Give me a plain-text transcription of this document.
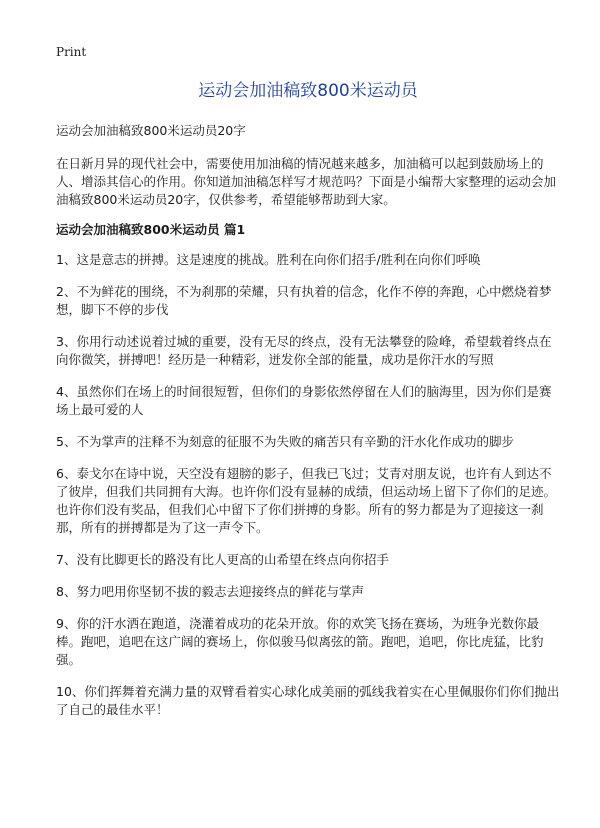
Print
运动会加油稿致800米运动员

运动会加油稿致800米运动员20字

在日新月异的现代社会中，需要使用加油稿的情况越来越多，加油稿可以起到鼓励场上的人、增添其信心的作用。你知道加油稿怎样写才规范吗？下面是小编帮大家整理的运动会加油稿致800米运动员20字，仅供参考，希望能够帮助到大家。

运动会加油稿致800米运动员 篇1

1、这是意志的拼搏。这是速度的挑战。胜利在向你们招手/胜利在向你们呼唤

2、不为鲜花的围绕，不为刹那的荣耀，只有执着的信念，化作不停的奔跑，心中燃烧着梦想，脚下不停的步伐

3、你用行动述说着过城的重要，没有无尽的终点，没有无法攀登的险峰，希望载着终点在向你微笑，拼搏吧！经历是一种精彩，迸发你全部的能量，成功是你汗水的写照

4、虽然你们在场上的时间很短暂，但你们的身影依然停留在人们的脑海里，因为你们是赛场上最可爱的人

5、不为掌声的注释不为刻意的征服不为失败的痛苦只有辛勤的汗水化作成功的脚步

6、泰戈尔在诗中说，天空没有翅膀的影子，但我已飞过；艾青对朋友说，也许有人到达不了彼岸，但我们共同拥有大海。也许你们没有显赫的成绩，但运动场上留下了你们的足迹。也许你们没有奖品，但我们心中留下了你们拼搏的身影。所有的努力都是为了迎接这一刹那，所有的拼搏都是为了这一声令下。

7、没有比脚更长的路没有比人更高的山希望在终点向你招手

8、努力吧用你坚韧不拔的毅志去迎接终点的鲜花与掌声

9、你的汗水洒在跑道，浇灌着成功的花朵开放。你的欢笑飞扬在赛场，为班争光数你最棒。跑吧，追吧在这广阔的赛场上，你似骏马似离弦的箭。跑吧，追吧，你比虎猛，比豹强。

10、你们挥舞着充满力量的双臂看着实心球化成美丽的弧线我着实在心里佩服你们你们抛出了自己的最佳水平！
